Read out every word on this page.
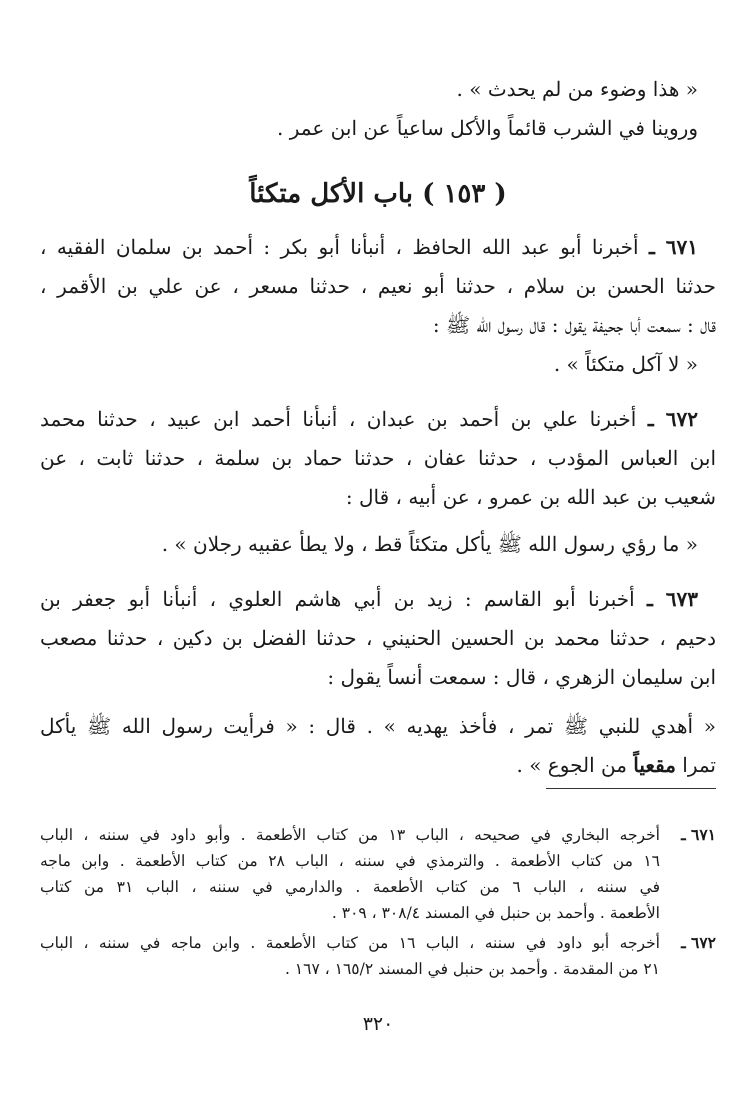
« هذا وضوء من لم يحدث » .
وروينا في الشرب قائماً والأكل ساعياً عن ابن عمر .
( ١٥٣ ) باب الأكل متكئاً
٦٧١ ـ أخبرنا أبو عبد الله الحافظ ، أنبأنا أبو بكر : أحمد بن سلمان الفقيه ،
حدثنا الحسن بن سلام ، حدثنا أبو نعيم ، حدثنا مسعر ، عن علي بن الأقمر ،
قال : سمعت أبا جحيفة يقول : قال رسول الله ﷺ :
« لا آكل متكئاً » .
٦٧٢ ـ أخبرنا علي بن أحمد بن عبدان ، أنبأنا أحمد ابن عبيد ، حدثنا محمد
ابن العباس المؤدب ، حدثنا عفان ، حدثنا حماد بن سلمة ، حدثنا ثابت ، عن
شعيب بن عبد الله بن عمرو ، عن أبيه ، قال :
« ما رؤي رسول الله ﷺ يأكل متكئاً قط ، ولا يطأ عقبيه رجلان » .
٦٧٣ ـ أخبرنا أبو القاسم : زيد بن أبي هاشم العلوي ، أنبأنا أبو جعفر بن
دحيم ، حدثنا محمد بن الحسين الحنيني ، حدثنا الفضل بن دكين ، حدثنا مصعب
ابن سليمان الزهري ، قال : سمعت أنساً يقول :
« أهدي للنبي ﷺ تمر ، فأخذ يهديه » . قال : « فرأيت رسول الله ﷺ يأكل
تمرا مقعياً من الجوع » .
٦٧١ ـ
أخرجه البخاري في صحيحه ، الباب ١٣ من كتاب الأطعمة . وأبو داود في سننه ، الباب
١٦ من كتاب الأطعمة . والترمذي في سننه ، الباب ٢٨ من كتاب الأطعمة . وابن ماجه
في سننه ، الباب ٦ من كتاب الأطعمة . والدارمي في سننه ، الباب ٣١ من كتاب
الأطعمة . وأحمد بن حنبل في المسند ٣٠٨/٤ ، ٣٠٩ .
٦٧٢ ـ
أخرجه أبو داود في سننه ، الباب ١٦ من كتاب الأطعمة . وابن ماجه في سننه ، الباب
٢١ من المقدمة . وأحمد بن حنبل في المسند ١٦٥/٢ ، ١٦٧ .
٣٢٠
